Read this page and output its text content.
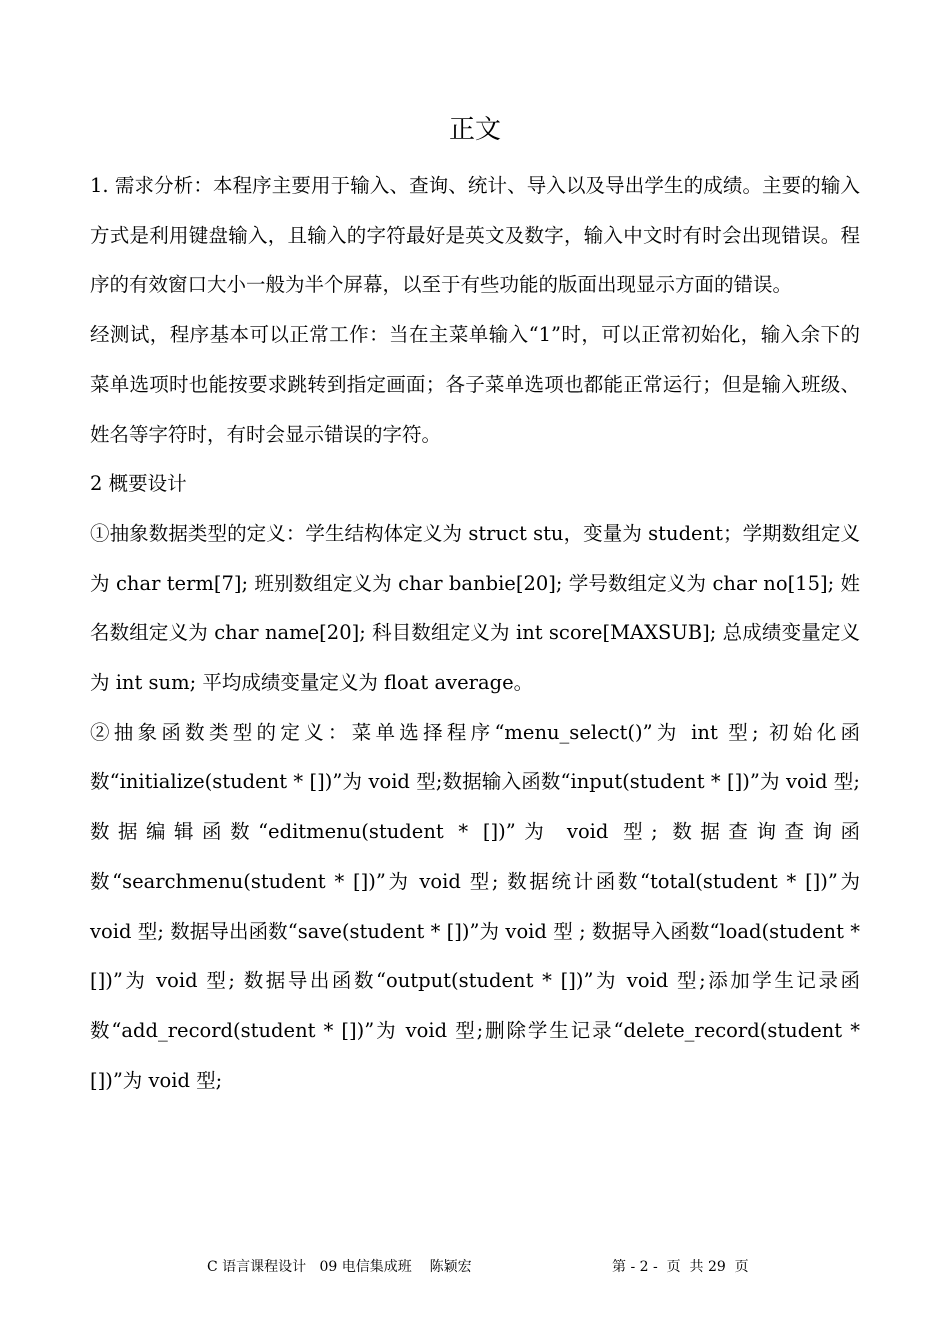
正文

1. 需求分析：本程序主要用于输入、查询、统计、导入以及导出学生的成绩。主要的输入方式是利用键盘输入，且输入的字符最好是英文及数字，输入中文时有时会出现错误。程序的有效窗口大小一般为半个屏幕，以至于有些功能的版面出现显示方面的错误。

经测试，程序基本可以正常工作：当在主菜单输入“1”时，可以正常初始化，输入余下的菜单选项时也能按要求跳转到指定画面；各子菜单选项也都能正常运行；但是输入班级、姓名等字符时，有时会显示错误的字符。

2 概要设计

①抽象数据类型的定义：学生结构体定义为 struct stu，变量为 student；学期数组定义为 char term[7]; 班别数组定义为 char banbie[20]; 学号数组定义为 char no[15]; 姓名数组定义为 char name[20]; 科目数组定义为 int score[MAXSUB]; 总成绩变量定义为 int sum; 平均成绩变量定义为 float average。

②抽象函数类型的定义：菜单选择程序“menu_select()”为 int 型; 初始化函数“initialize(student * [])”为 void 型;数据输入函数“input(student * [])”为 void 型;数据编辑函数“editmenu(student * [])”为 void 型; 数据查询查询函数“searchmenu(student * [])”为 void 型; 数据统计函数“total(student * [])”为 void 型; 数据导出函数“save(student * [])”为 void 型 ; 数据导入函数“load(student * [])”为 void 型; 数据导出函数“output(student * [])”为 void 型;添加学生记录函数“add_record(student * [])”为 void 型;删除学生记录“delete_record(student * [])”为 void 型;

C 语言课程设计   09 电信集成班    陈颖宏	第 - 2 -  页  共 29  页
